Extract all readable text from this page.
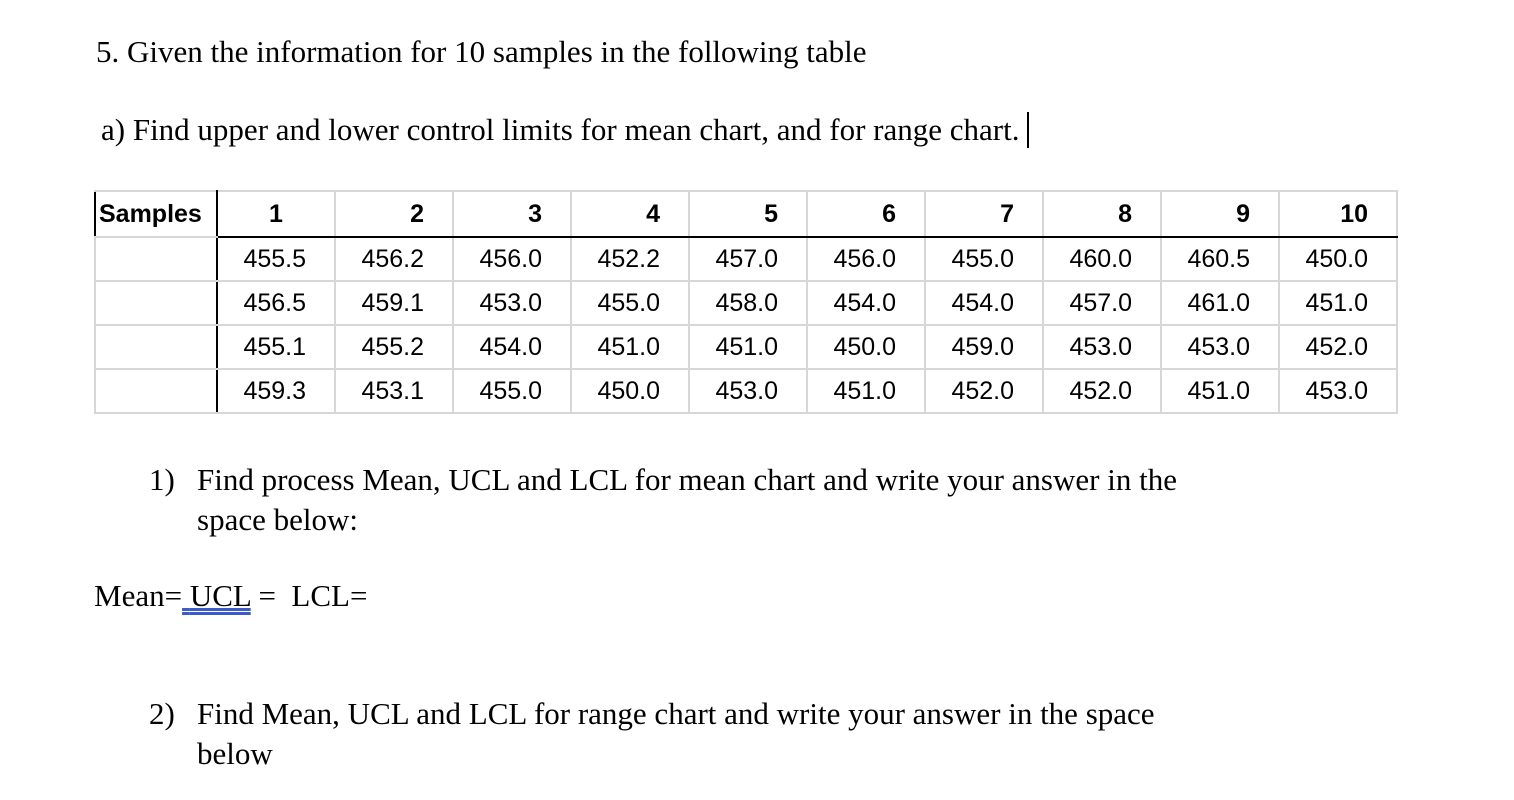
5. Given the information for 10 samples in the following table
a) Find upper and lower control limits for mean chart, and for range chart.
Samples	1	2	3	4	5	6	7	8	9	10
	455.5	456.2	456.0	452.2	457.0	456.0	455.0	460.0	460.5	450.0
	456.5	459.1	453.0	455.0	458.0	454.0	454.0	457.0	461.0	451.0
	455.1	455.2	454.0	451.0	451.0	450.0	459.0	453.0	453.0	452.0
	459.3	453.1	455.0	450.0	453.0	451.0	452.0	452.0	451.0	453.0
1) Find process Mean, UCL and LCL for mean chart and write your answer in the
space below:
Mean= UCL = LCL=
2) Find Mean, UCL and LCL for range chart and write your answer in the space
below
